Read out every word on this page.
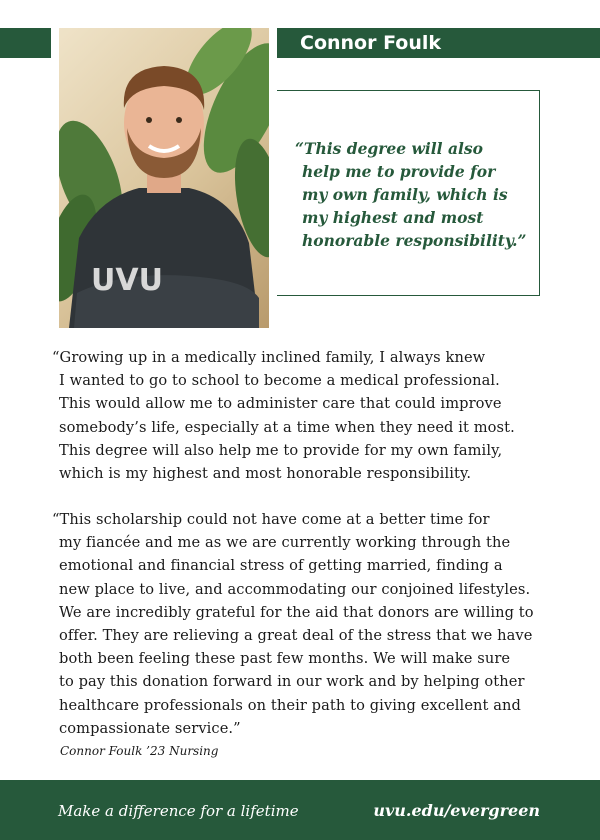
Connor Foulk
UVU
“This degree will also
help me to provide for
my own family, which is
my highest and most
honorable responsibility.”
“Growing up in a medically inclined family, I always knew
I wanted to go to school to become a medical professional.
This would allow me to administer care that could improve
somebody’s life, especially at a time when they need it most.
This degree will also help me to provide for my own family,
which is my highest and most honorable responsibility.
“This scholarship could not have come at a better time for
my fiancée and me as we are currently working through the
emotional and financial stress of getting married, finding a
new place to live, and accommodating our conjoined lifestyles.
We are incredibly grateful for the aid that donors are willing to
offer. They are relieving a great deal of the stress that we have
both been feeling these past few months. We will make sure
to pay this donation forward in our work and by helping other
healthcare professionals on their path to giving excellent and
compassionate service.”
Connor Foulk ’23 Nursing
Make a difference for a lifetime	uvu.edu/evergreen
